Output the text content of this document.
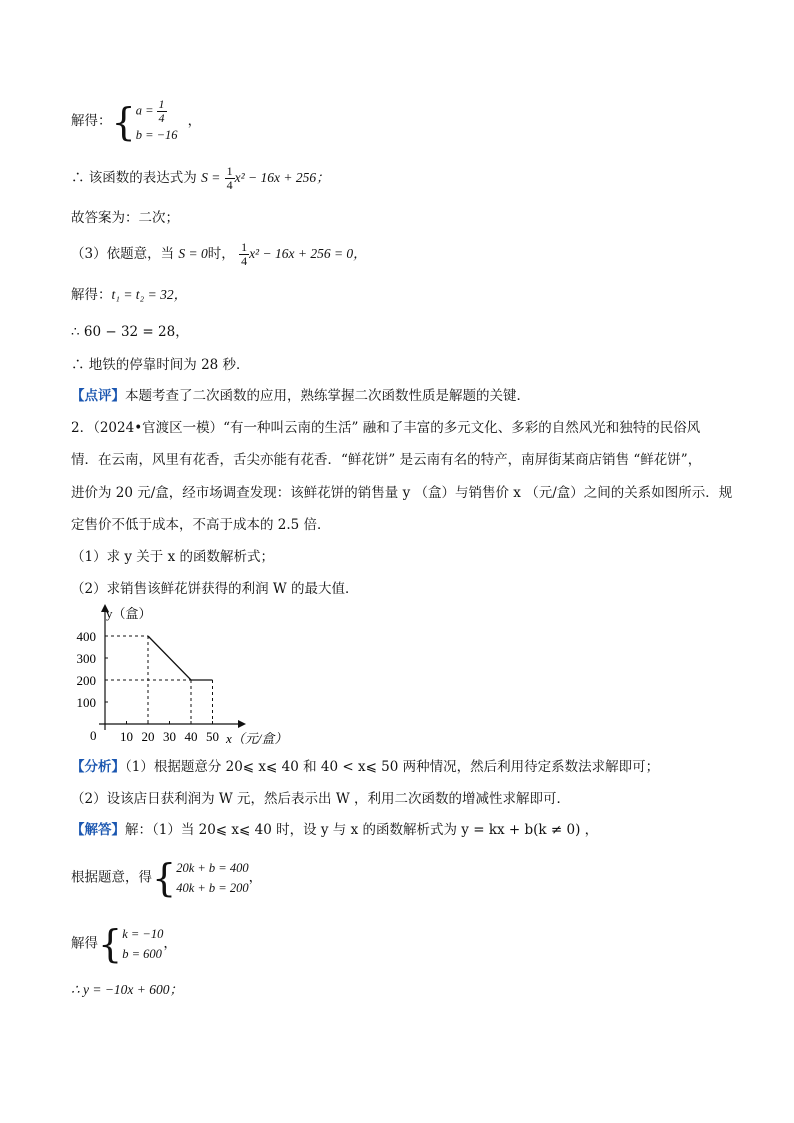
解得：{ $a = \frac{1}{4}$
b = −16
，
∴ 该函数的表达式为 $S = \frac{1}{4} x^2 - 16x + 256$；
故答案为：二次；
（3）依题意，当 S = 0时， $\frac{1}{4} x^2 - 16x + 256 = 0$，
解得：t₁ = t₂ = 32，
∴ 60 − 32 = 28，
∴ 地铁的停靠时间为 28 秒．
【点评】本题考查了二次函数的应用，熟练掌握二次函数性质是解题的关键．
2．（2024•官渡区一模）“有一种叫云南的生活” 融和了丰富的多元文化、多彩的自然风光和独特的民俗风
情．在云南，风里有花香，舌尖亦能有花香．“鲜花饼” 是云南有名的特产，南屏街某商店销售 “鲜花饼”，
进价为 20 元/盒，经市场调查发现：该鲜花饼的销售量 y （盒）与销售价 x （元/盒）之间的关系如图所示．规
定售价不低于成本，不高于成本的 2.5 倍．
（1）求 y 关于 x 的函数解析式；
（2）求销售该鲜花饼获得的利润 W 的最大值．
10 20 30 40 50
100
200
300
400
y（盒）
x（元/盒）
0
【分析】（1）根据题意分 20⩽ x⩽ 40 和 40 < x⩽ 50 两种情况，然后利用待定系数法求解即可；
（2）设该店日获利润为 W 元，然后表示出 W ，利用二次函数的增减性求解即可．
【解答】解：（1）当 20⩽ x⩽ 40 时，设 y 与 x 的函数解析式为 y = kx + b(k ≠ 0) ，
根据题意，得{ 20k + b = 400
40k + b = 200
，
解得{ k = −10
b = 600
，
∴ y = −10x + 600；
